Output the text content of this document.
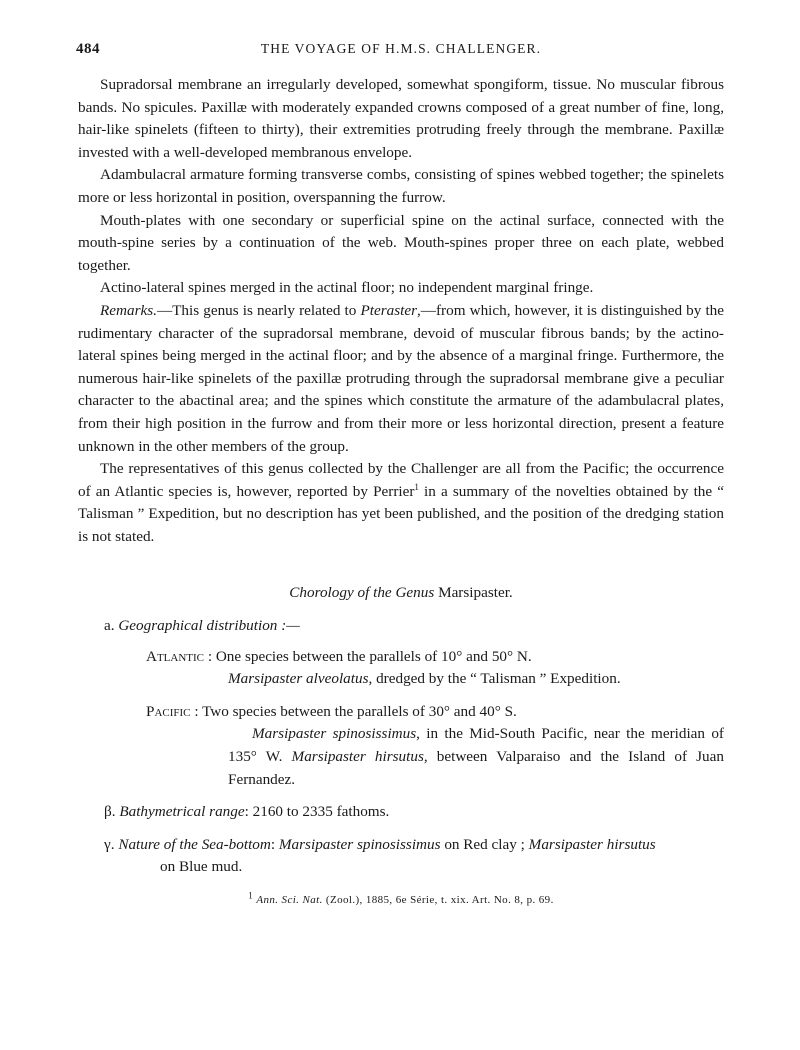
484	THE VOYAGE OF H.M.S. CHALLENGER.

Supradorsal membrane an irregularly developed, somewhat spongiform, tissue. No muscular fibrous bands. No spicules. Paxillæ with moderately expanded crowns composed of a great number of fine, long, hair-like spinelets (fifteen to thirty), their extremities protruding freely through the membrane. Paxillæ invested with a well-developed membranous envelope.

Adambulacral armature forming transverse combs, consisting of spines webbed together; the spinelets more or less horizontal in position, overspanning the furrow.

Mouth-plates with one secondary or superficial spine on the actinal surface, connected with the mouth-spine series by a continuation of the web. Mouth-spines proper three on each plate, webbed together.

Actino-lateral spines merged in the actinal floor; no independent marginal fringe.

Remarks.—This genus is nearly related to Pteraster,—from which, however, it is distinguished by the rudimentary character of the supradorsal membrane, devoid of muscular fibrous bands; by the actino-lateral spines being merged in the actinal floor; and by the absence of a marginal fringe. Furthermore, the numerous hair-like spinelets of the paxillæ protruding through the supradorsal membrane give a peculiar character to the abactinal area; and the spines which constitute the armature of the adambulacral plates, from their high position in the furrow and from their more or less horizontal direction, present a feature unknown in the other members of the group.

The representatives of this genus collected by the Challenger are all from the Pacific; the occurrence of an Atlantic species is, however, reported by Perrier$^1$ in a summary of the novelties obtained by the “ Talisman ” Expedition, but no description has yet been published, and the position of the dredging station is not stated.

Chorology of the Genus Marsipaster.
a. Geographical distribution :—
Atlantic : One species between the parallels of 10° and 50° N.
Marsipaster alveolatus, dredged by the “ Talisman ” Expedition.
Pacific : Two species between the parallels of 30° and 40° S.
Marsipaster spinosissimus, in the Mid-South Pacific, near the meridian of 135° W. Marsipaster hirsutus, between Valparaiso and the Island of Juan Fernandez.
β. Bathymetrical range: 2160 to 2335 fathoms.
γ. Nature of the Sea-bottom: Marsipaster spinosissimus on Red clay ; Marsipaster hirsutus
on Blue mud.
$^1$ Ann. Sci. Nat. (Zool.), 1885, 6e Série, t. xix. Art. No. 8, p. 69.
